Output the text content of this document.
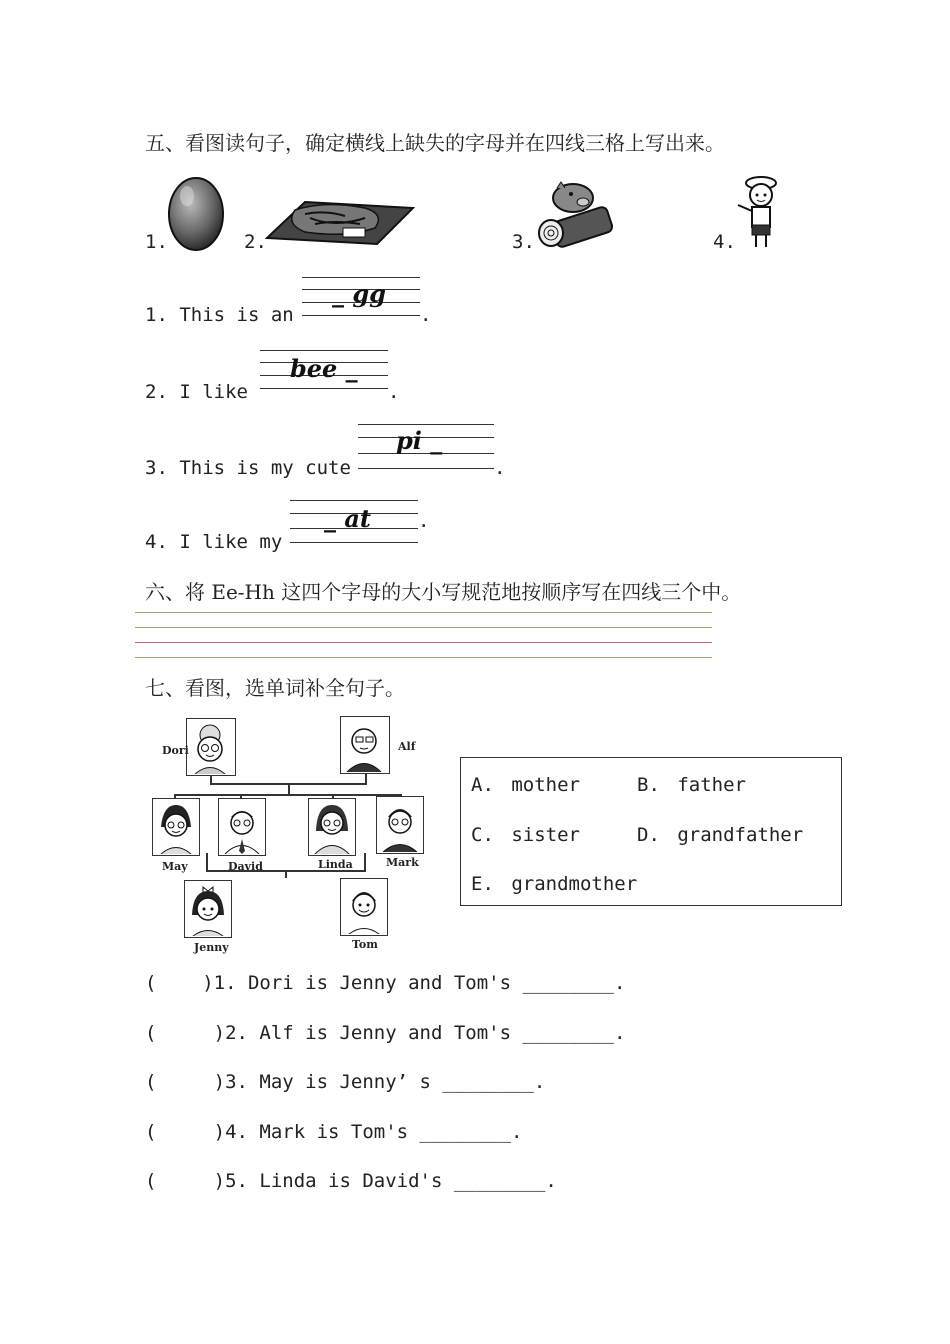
五、看图读句子，确定横线上缺失的字母并在四线三格上写出来。
1.	2.	3.	4.
1. This is an
_ gg
.
2. I like
bee _
.
3. This is my cute
pi _
.
4. I like my
_ at .
六、将 Ee-Hh 这四个字母的大小写规范地按顺序写在四线三个中。
七、看图，选单词补全句子。
Dori	Alf
May	David	Linda	Mark
Jenny	Tom
A. mother	B. father
C. sister	D. grandfather
E. grandmother
(    )1. Dori is Jenny and Tom's ________.
(     )2. Alf is Jenny and Tom's ________.
(     )3. May is Jenny’ s ________.
(     )4. Mark is Tom's ________.
(     )5. Linda is David's ________.
